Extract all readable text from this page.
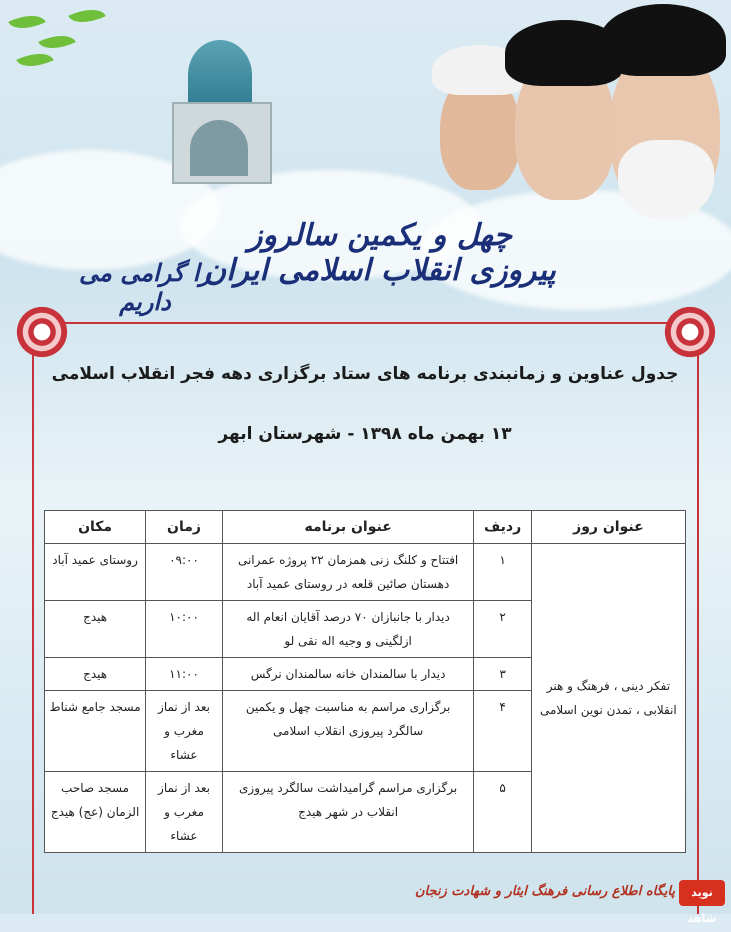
چهل و یکمین سالروز پیروزی انقلاب اسلامی ایران
را گرامی می داریم
جدول عناوین و زمانبندی برنامه های ستاد برگزاری دهه فجر انقلاب اسلامی
۱۳ بهمن ماه ۱۳۹۸ - شهرستان ابهر
عنوان روز	ردیف	عنوان برنامه	زمان	مکان
تفکر دینی ، فرهنگ و هنر انقلابی ، تمدن نوین اسلامی	۱	افتتاح و کلنگ زنی همزمان ۲۲ پروژه عمرانی دهستان صائین قلعه در روستای عمید آباد	۰۹:۰۰	روستای عمید آباد
	۲	دیدار با جانبازان ۷۰ درصد آقایان انعام اله ازلگینی و وجیه اله نقی لو	۱۰:۰۰	هیدج
	۳	دیدار با سالمندان خانه سالمندان نرگس	۱۱:۰۰	هیدج
	۴	برگزاری مراسم به مناسبت چهل و یکمین سالگرد پیروزی انقلاب اسلامی	بعد از نماز مغرب و عشاء	مسجد جامع شناط
	۵	برگزاری مراسم گرامیداشت سالگرد پیروزی انقلاب در شهر هیدج	بعد از نماز مغرب و عشاء	مسجد صاحب الزمان (عج) هیدج
پایگاه اطلاع رسانی فرهنگ ایثار و شهادت زنجان	نوید شاهد
